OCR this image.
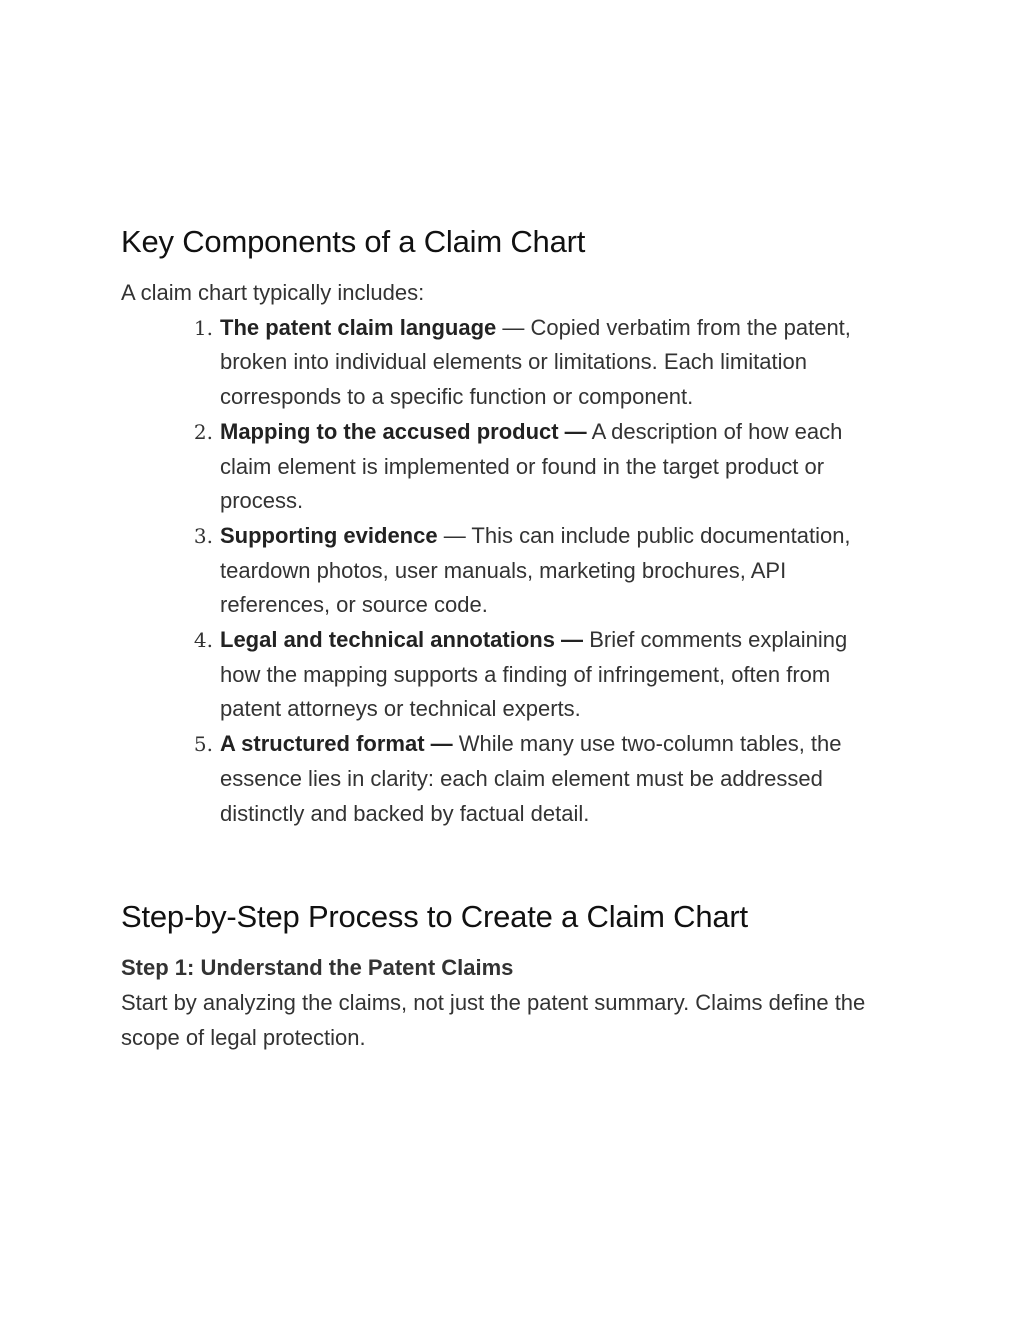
Key Components of a Claim Chart

A claim chart typically includes:

1. The patent claim language — Copied verbatim from the patent, broken into individual elements or limitations. Each limitation corresponds to a specific function or component.
2. Mapping to the accused product — A description of how each claim element is implemented or found in the target product or process.
3. Supporting evidence — This can include public documentation, teardown photos, user manuals, marketing brochures, API references, or source code.
4. Legal and technical annotations — Brief comments explaining how the mapping supports a finding of infringement, often from patent attorneys or technical experts.
5. A structured format — While many use two-column tables, the essence lies in clarity: each claim element must be addressed distinctly and backed by factual detail.
Step-by-Step Process to Create a Claim Chart

Step 1: Understand the Patent Claims

Start by analyzing the claims, not just the patent summary. Claims define the scope of legal protection.
